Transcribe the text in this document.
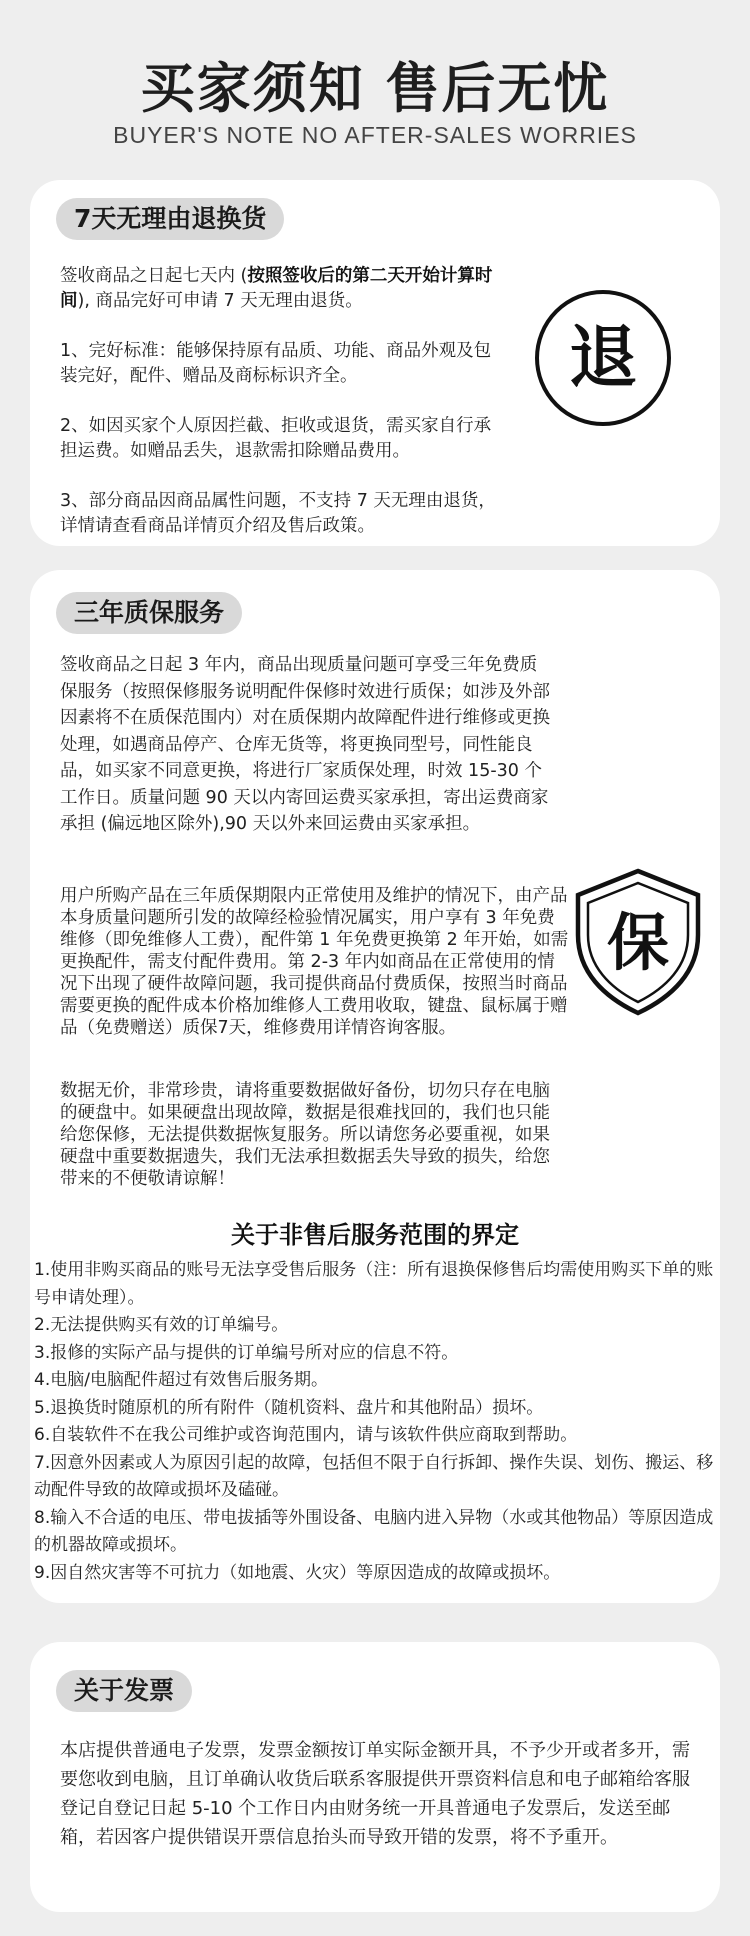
买家须知 售后无忧
BUYER'S NOTE NO AFTER-SALES WORRIES
7天无理由退换货

签收商品之日起七天内 (按照签收后的第二天开始计算时间), 商品完好可申请 7 天无理由退货。

1、完好标准：能够保持原有品质、功能、商品外观及包装完好，配件、赠品及商标标识齐全。

2、如因买家个人原因拦截、拒收或退货，需买家自行承担运费。如赠品丢失，退款需扣除赠品费用。

3、部分商品因商品属性问题，不支持 7 天无理由退货，详情请查看商品详情页介绍及售后政策。

退
三年质保服务
签收商品之日起 3 年内，商品出现质量问题可享受三年免费质保服务（按照保修服务说明配件保修时效进行质保；如涉及外部因素将不在质保范围内）对在质保期内故障配件进行维修或更换处理，如遇商品停产、仓库无货等，将更换同型号，同性能良品，如买家不同意更换，将进行厂家质保处理，时效 15-30 个工作日。质量问题 90 天以内寄回运费买家承担，寄出运费商家承担 (偏远地区除外),90 天以外来回运费由买家承担。
用户所购产品在三年质保期限内正常使用及维护的情况下，由产品本身质量问题所引发的故障经检验情况属实，用户享有 3 年免费维修（即免维修人工费），配件第 1 年免费更换第 2 年开始，如需更换配件，需支付配件费用。第 2-3 年内如商品在正常使用的情况下出现了硬件故障问题，我司提供商品付费质保，按照当时商品需要更换的配件成本价格加维修人工费用收取，键盘、鼠标属于赠品（免费赠送）质保7天，维修费用详情咨询客服。
数据无价，非常珍贵，请将重要数据做好备份，切勿只存在电脑的硬盘中。如果硬盘出现故障，数据是很难找回的，我们也只能给您保修，无法提供数据恢复服务。所以请您务必要重视，如果硬盘中重要数据遗失，我们无法承担数据丢失导致的损失，给您带来的不便敬请谅解！
保
关于非售后服务范围的界定
1.使用非购买商品的账号无法享受售后服务（注：所有退换保修售后均需使用购买下单的账号申请处理）。
2.无法提供购买有效的订单编号。
3.报修的实际产品与提供的订单编号所对应的信息不符。
4.电脑/电脑配件超过有效售后服务期。
5.退换货时随原机的所有附件（随机资料、盘片和其他附品）损坏。
6.自装软件不在我公司维护或咨询范围内，请与该软件供应商取到帮助。
7.因意外因素或人为原因引起的故障，包括但不限于自行拆卸、操作失误、划伤、搬运、移动配件导致的故障或损坏及磕碰。
8.输入不合适的电压、带电拔插等外围设备、电脑内进入异物（水或其他物品）等原因造成的机器故障或损坏。
9.因自然灾害等不可抗力（如地震、火灾）等原因造成的故障或损坏。
关于发票
本店提供普通电子发票，发票金额按订单实际金额开具，不予少开或者多开，需要您收到电脑，且订单确认收货后联系客服提供开票资料信息和电子邮箱给客服登记自登记日起 5-10 个工作日内由财务统一开具普通电子发票后，发送至邮箱，若因客户提供错误开票信息抬头而导致开错的发票，将不予重开。
